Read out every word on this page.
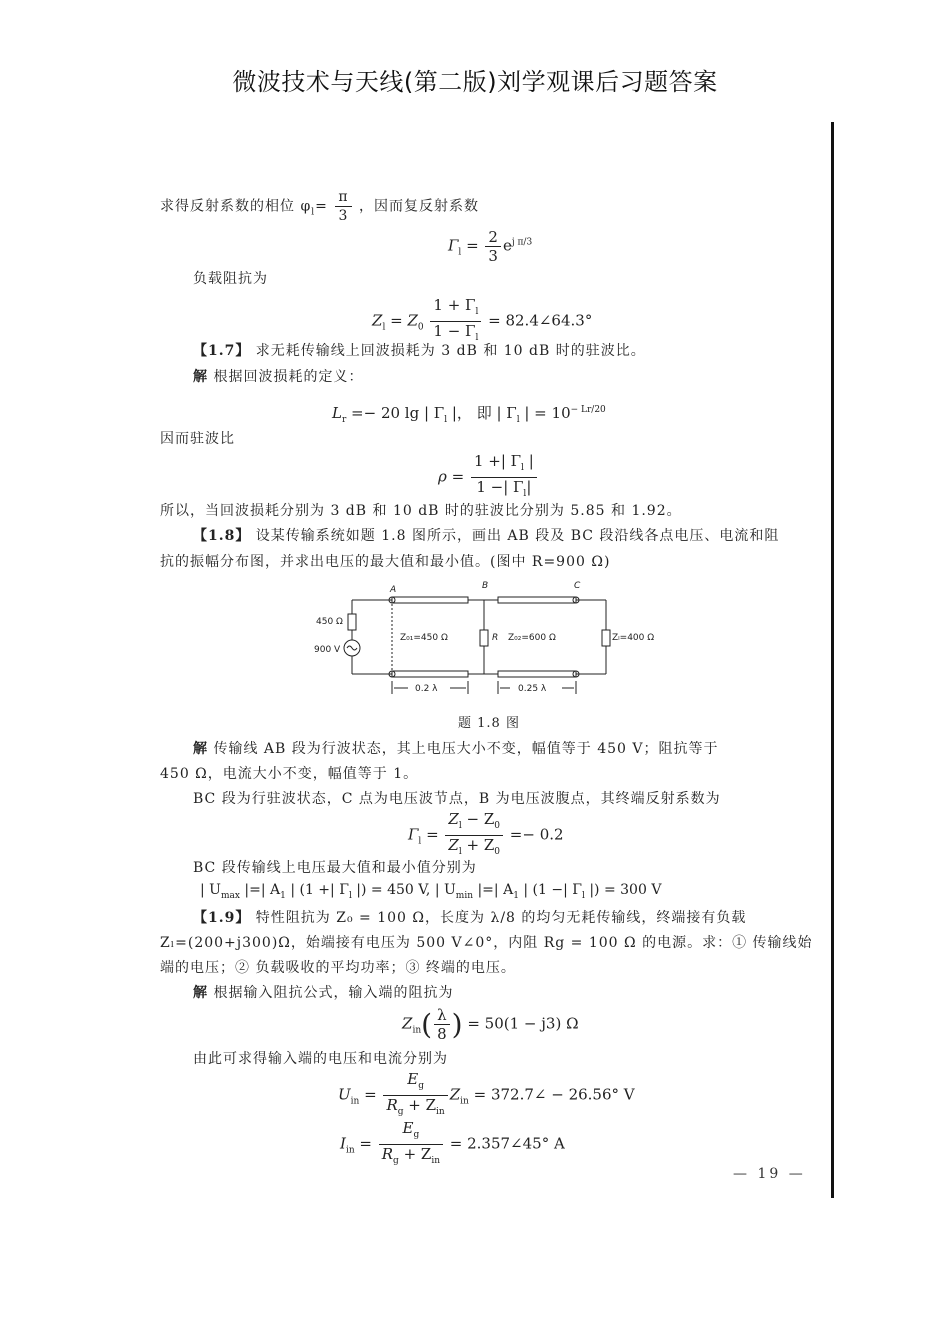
微波技术与天线(第二版)刘学观课后习题答案
求得反射系数的相位 $\varphi_l= \frac{\pi}{3}$ ，因而复反射系数
$\Gamma_l = \frac{2}{3} e^{j \pi/3}$
负载阻抗为
$Z_l = Z_0 \frac{1 + \Gamma_l}{1 - \Gamma_l}$ = 82.4∠64.3°
【1.7】 求无耗传输线上回波损耗为 3 dB 和 10 dB 时的驻波比。
解 根据回波损耗的定义：
$L_r =- 20$ lg | $\Gamma_l$ |， 即 | $\Gamma_l$ | = $10^{- Lr/20}$
因而驻波比
$\rho = \frac{1 +| \Gamma_l |}{1 -| \Gamma_l|}$
所以，当回波损耗分别为 3 dB 和 10 dB 时的驻波比分别为 5.85 和 1.92。
【1.8】 设某传输系统如题 1.8 图所示，画出 AB 段及 BC 段沿线各点电压、电流和阻
抗的振幅分布图，并求出电压的最大值和最小值。(图中 R=900 Ω)
A	B	C
450 Ω
900 V
Z₀₁=450 Ω	R Z₀₂=600 Ω	Zₗ=400 Ω
0.2 λ	0.25 λ
题 1.8 图
解 传输线 AB 段为行波状态，其上电压大小不变，幅值等于 450 V；阻抗等于
450 Ω，电流大小不变，幅值等于 1。
BC 段为行驻波状态，C 点为电压波节点，B 为电压波腹点，其终端反射系数为
$\Gamma_l = \frac{Z_l - Z_0}{Z_l + Z_0} =- 0.2$
BC 段传输线上电压最大值和最小值分别为
| $U_{max}$ |=| $A_1$ | (1 +| $\Gamma_l$ |) = 450 V, | $U_{min}$ |=| $A_1$ | (1 −| $\Gamma_l$ |) = 300 V
【1.9】 特性阻抗为 Z₀ = 100 Ω，长度为 λ/8 的均匀无耗传输线，终端接有负载
Zₗ=(200+j300)Ω，始端接有电压为 500 V∠0°，内阻 Rg = 100 Ω 的电源。求：① 传输线始
端的电压；② 负载吸收的平均功率；③ 终端的电压。
解 根据输入阻抗公式，输入端的阻抗为
$Z_{in}( \frac{\lambda}{8}$ ) = 50(1 − j3) Ω
由此可求得输入端的电压和电流分别为
$U_{in} = \frac{E_g}{R_g + Z_{in}} Z_{in}$ = 372.7∠ − 26.56° V
$I_{in} = \frac{E_g}{R_g + Z_{in}}$ = 2.357∠45° A
— 19 —
